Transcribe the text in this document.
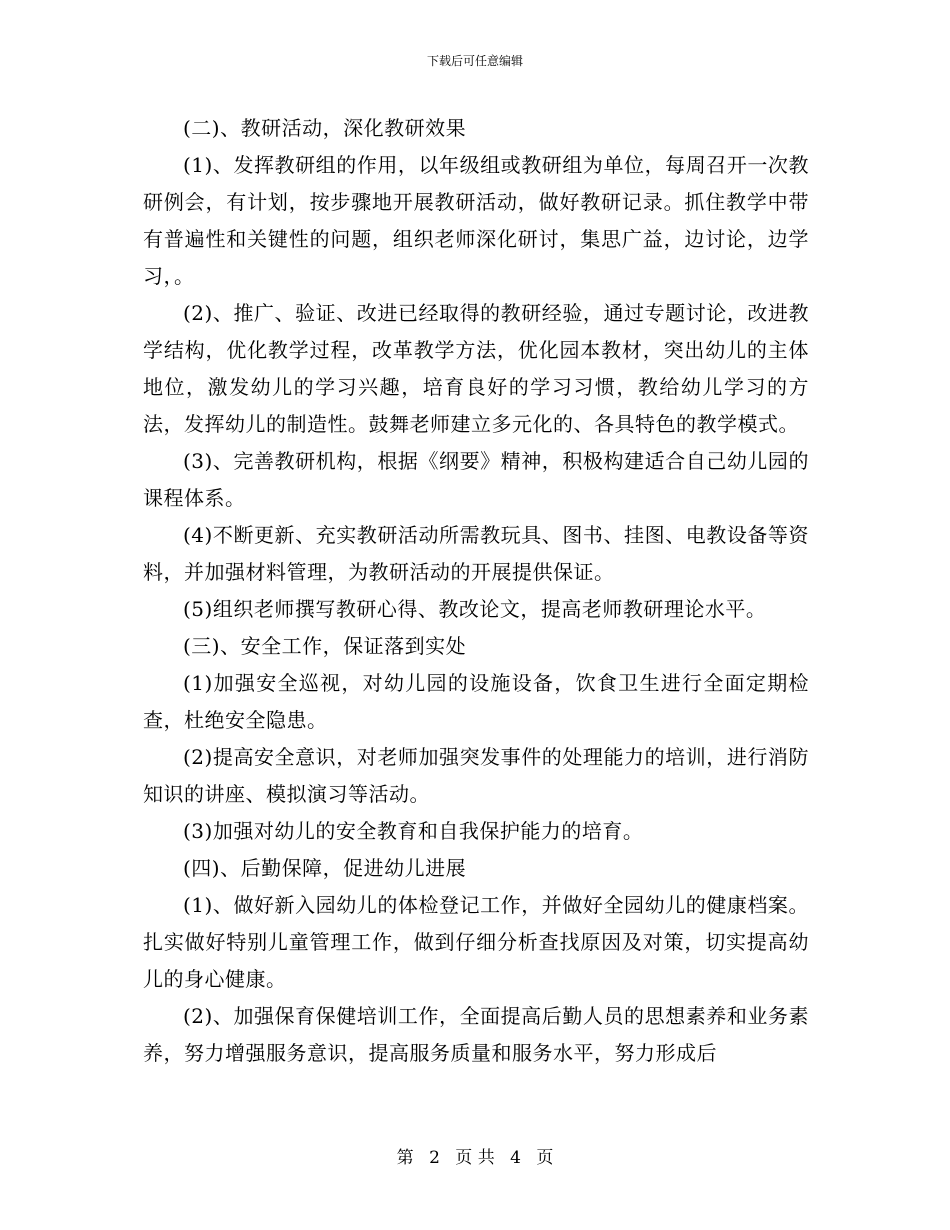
下载后可任意编辑

(二)、教研活动，深化教研效果

(1)、发挥教研组的作用，以年级组或教研组为单位，每周召开一次教研例会，有计划，按步骤地开展教研活动，做好教研记录。抓住教学中带有普遍性和关键性的问题，组织老师深化研讨，集思广益，边讨论，边学习，。

(2)、推广、验证、改进已经取得的教研经验，通过专题讨论，改进教学结构，优化教学过程，改革教学方法，优化园本教材，突出幼儿的主体地位，激发幼儿的学习兴趣，培育良好的学习习惯，教给幼儿学习的方法，发挥幼儿的制造性。鼓舞老师建立多元化的、各具特色的教学模式。

(3)、完善教研机构，根据《纲要》精神，积极构建适合自己幼儿园的课程体系。

(4)不断更新、充实教研活动所需教玩具、图书、挂图、电教设备等资料，并加强材料管理，为教研活动的开展提供保证。

(5)组织老师撰写教研心得、教改论文，提高老师教研理论水平。

(三)、安全工作，保证落到实处

(1)加强安全巡视，对幼儿园的设施设备，饮食卫生进行全面定期检查，杜绝安全隐患。

(2)提高安全意识，对老师加强突发事件的处理能力的培训，进行消防知识的讲座、模拟演习等活动。

(3)加强对幼儿的安全教育和自我保护能力的培育。

(四)、后勤保障，促进幼儿进展

(1)、做好新入园幼儿的体检登记工作，并做好全园幼儿的健康档案。扎实做好特别儿童管理工作，做到仔细分析查找原因及对策，切实提高幼儿的身心健康。

(2)、加强保育保健培训工作，全面提高后勤人员的思想素养和业务素养，努力增强服务意识，提高服务质量和服务水平，努力形成后

第 2 页 共 4 页
